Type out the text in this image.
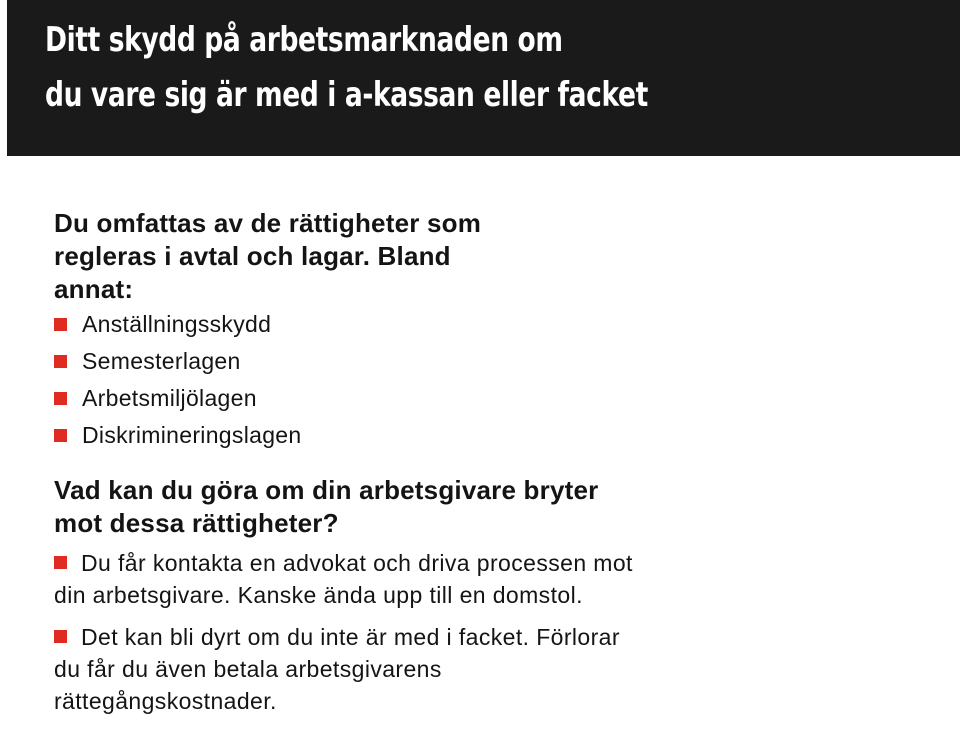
Ditt skydd på arbetsmarknaden om

du vare sig är med i a-kassan eller facket

Du omfattas av de rättigheter som regleras i avtal och lagar. Bland annat:

Anställningsskydd
Semesterlagen
Arbetsmiljölagen
Diskrimineringslagen

Vad kan du göra om din arbetsgivare bryter mot dessa rättigheter?

Du får kontakta en advokat och driva processen mot din arbetsgivare. Kanske ända upp till en domstol.

Det kan bli dyrt om du inte är med i facket. Förlorar du får du även betala arbetsgivarens rättegångskostnader.
